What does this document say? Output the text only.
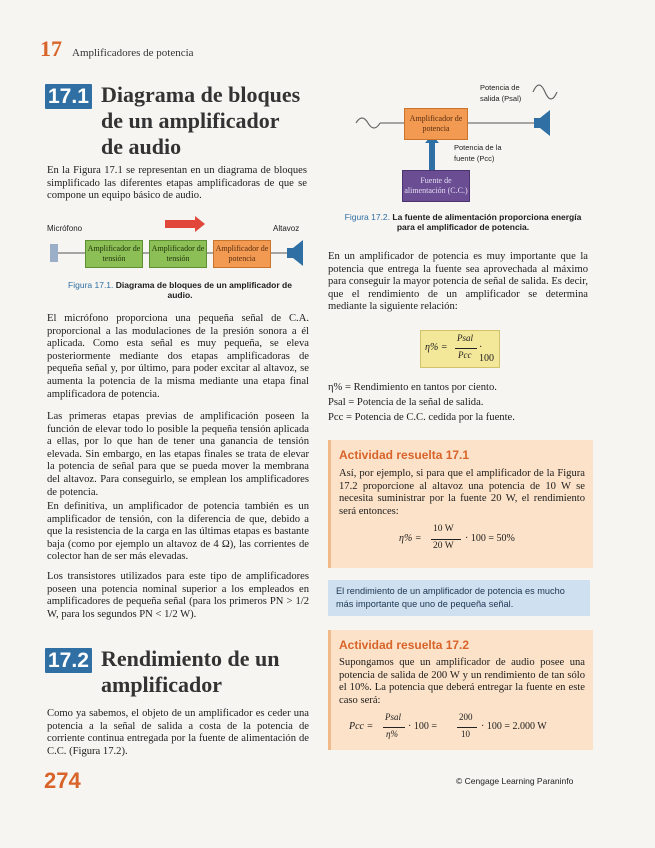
17 Amplificadores de potencia
17.1 Diagrama de bloques
de un amplificador
de audio

En la Figura 17.1 se representan en un diagrama de bloques simplificado las diferentes etapas amplificadoras de que se compone un equipo básico de audio.

Micrófono	Altavoz
Amplificador de tensión
Amplificador de tensión
Amplificador de potencia
Figura 17.1. Diagrama de bloques de un amplificador de audio.

El micrófono proporciona una pequeña señal de C.A. proporcional a las modulaciones de la presión sonora a él aplicada. Como esta señal es muy pequeña, se eleva posteriormente mediante dos etapas amplificadoras de pequeña señal y, por último, para poder excitar al altavoz, se aumenta la potencia de la misma mediante una etapa final amplificadora de potencia.

Las primeras etapas previas de amplificación poseen la función de elevar todo lo posible la pequeña tensión aplicada a ellas, por lo que han de tener una ganancia de tensión elevada. Sin embargo, en las etapas finales se trata de elevar la potencia de señal para que se pueda mover la membrana del altavoz. Para conseguirlo, se emplean los amplificadores de potencia.

En definitiva, un amplificador de potencia también es un amplificador de tensión, con la diferencia de que, debido a que la resistencia de la carga en las últimas etapas es bastante baja (como por ejemplo un altavoz de 4 Ω), las corrientes de colector han de ser más elevadas.

Los transistores utilizados para este tipo de amplificadores poseen una potencia nominal superior a los empleados en amplificadores de pequeña señal (para los primeros PN > 1/2 W, para los segundos PN < 1/2 W).

17.2 Rendimiento de un
amplificador

Como ya sabemos, el objeto de un amplificador es ceder una potencia a la señal de salida a costa de la potencia de corriente continua entregada por la fuente de alimentación de C.C. (Figura 17.2).

Potencia de salida (Psal)
Amplificador de potencia
Potencia de la fuente (Pcc)
Fuente de alimentación (C.C.)
Figura 17.2. La fuente de alimentación proporciona energía para el amplificador de potencia.

En un amplificador de potencia es muy importante que la potencia que entrega la fuente sea aprovechada al máximo para conseguir la mayor potencia de señal de salida. Es decir, que el rendimiento de un amplificador se determina mediante la siguiente relación:

η% =
Psal
Pcc
· 100
η% = Rendimiento en tantos por ciento.
Psal = Potencia de la señal de salida.
Pcc = Potencia de C.C. cedida por la fuente.
Actividad resuelta 17.1

Así, por ejemplo, si para que el amplificador de la Figura 17.2 proporcione al altavoz una potencia de 10 W se necesita suministrar por la fuente 20 W, el rendimiento será entonces:

η% =
10 W
20 W
· 100 = 50%

El rendimiento de un amplificador de potencia es mucho más importante que uno de pequeña señal.

Actividad resuelta 17.2

Supongamos que un amplificador de audio posee una potencia de salida de 200 W y un rendimiento de tan sólo el 10%. La potencia que deberá entregar la fuente en este caso será:

Pcc =
Psal
η%
· 100 =
200
10
· 100 = 2.000 W
274	© Cengage Learning Paraninfo
